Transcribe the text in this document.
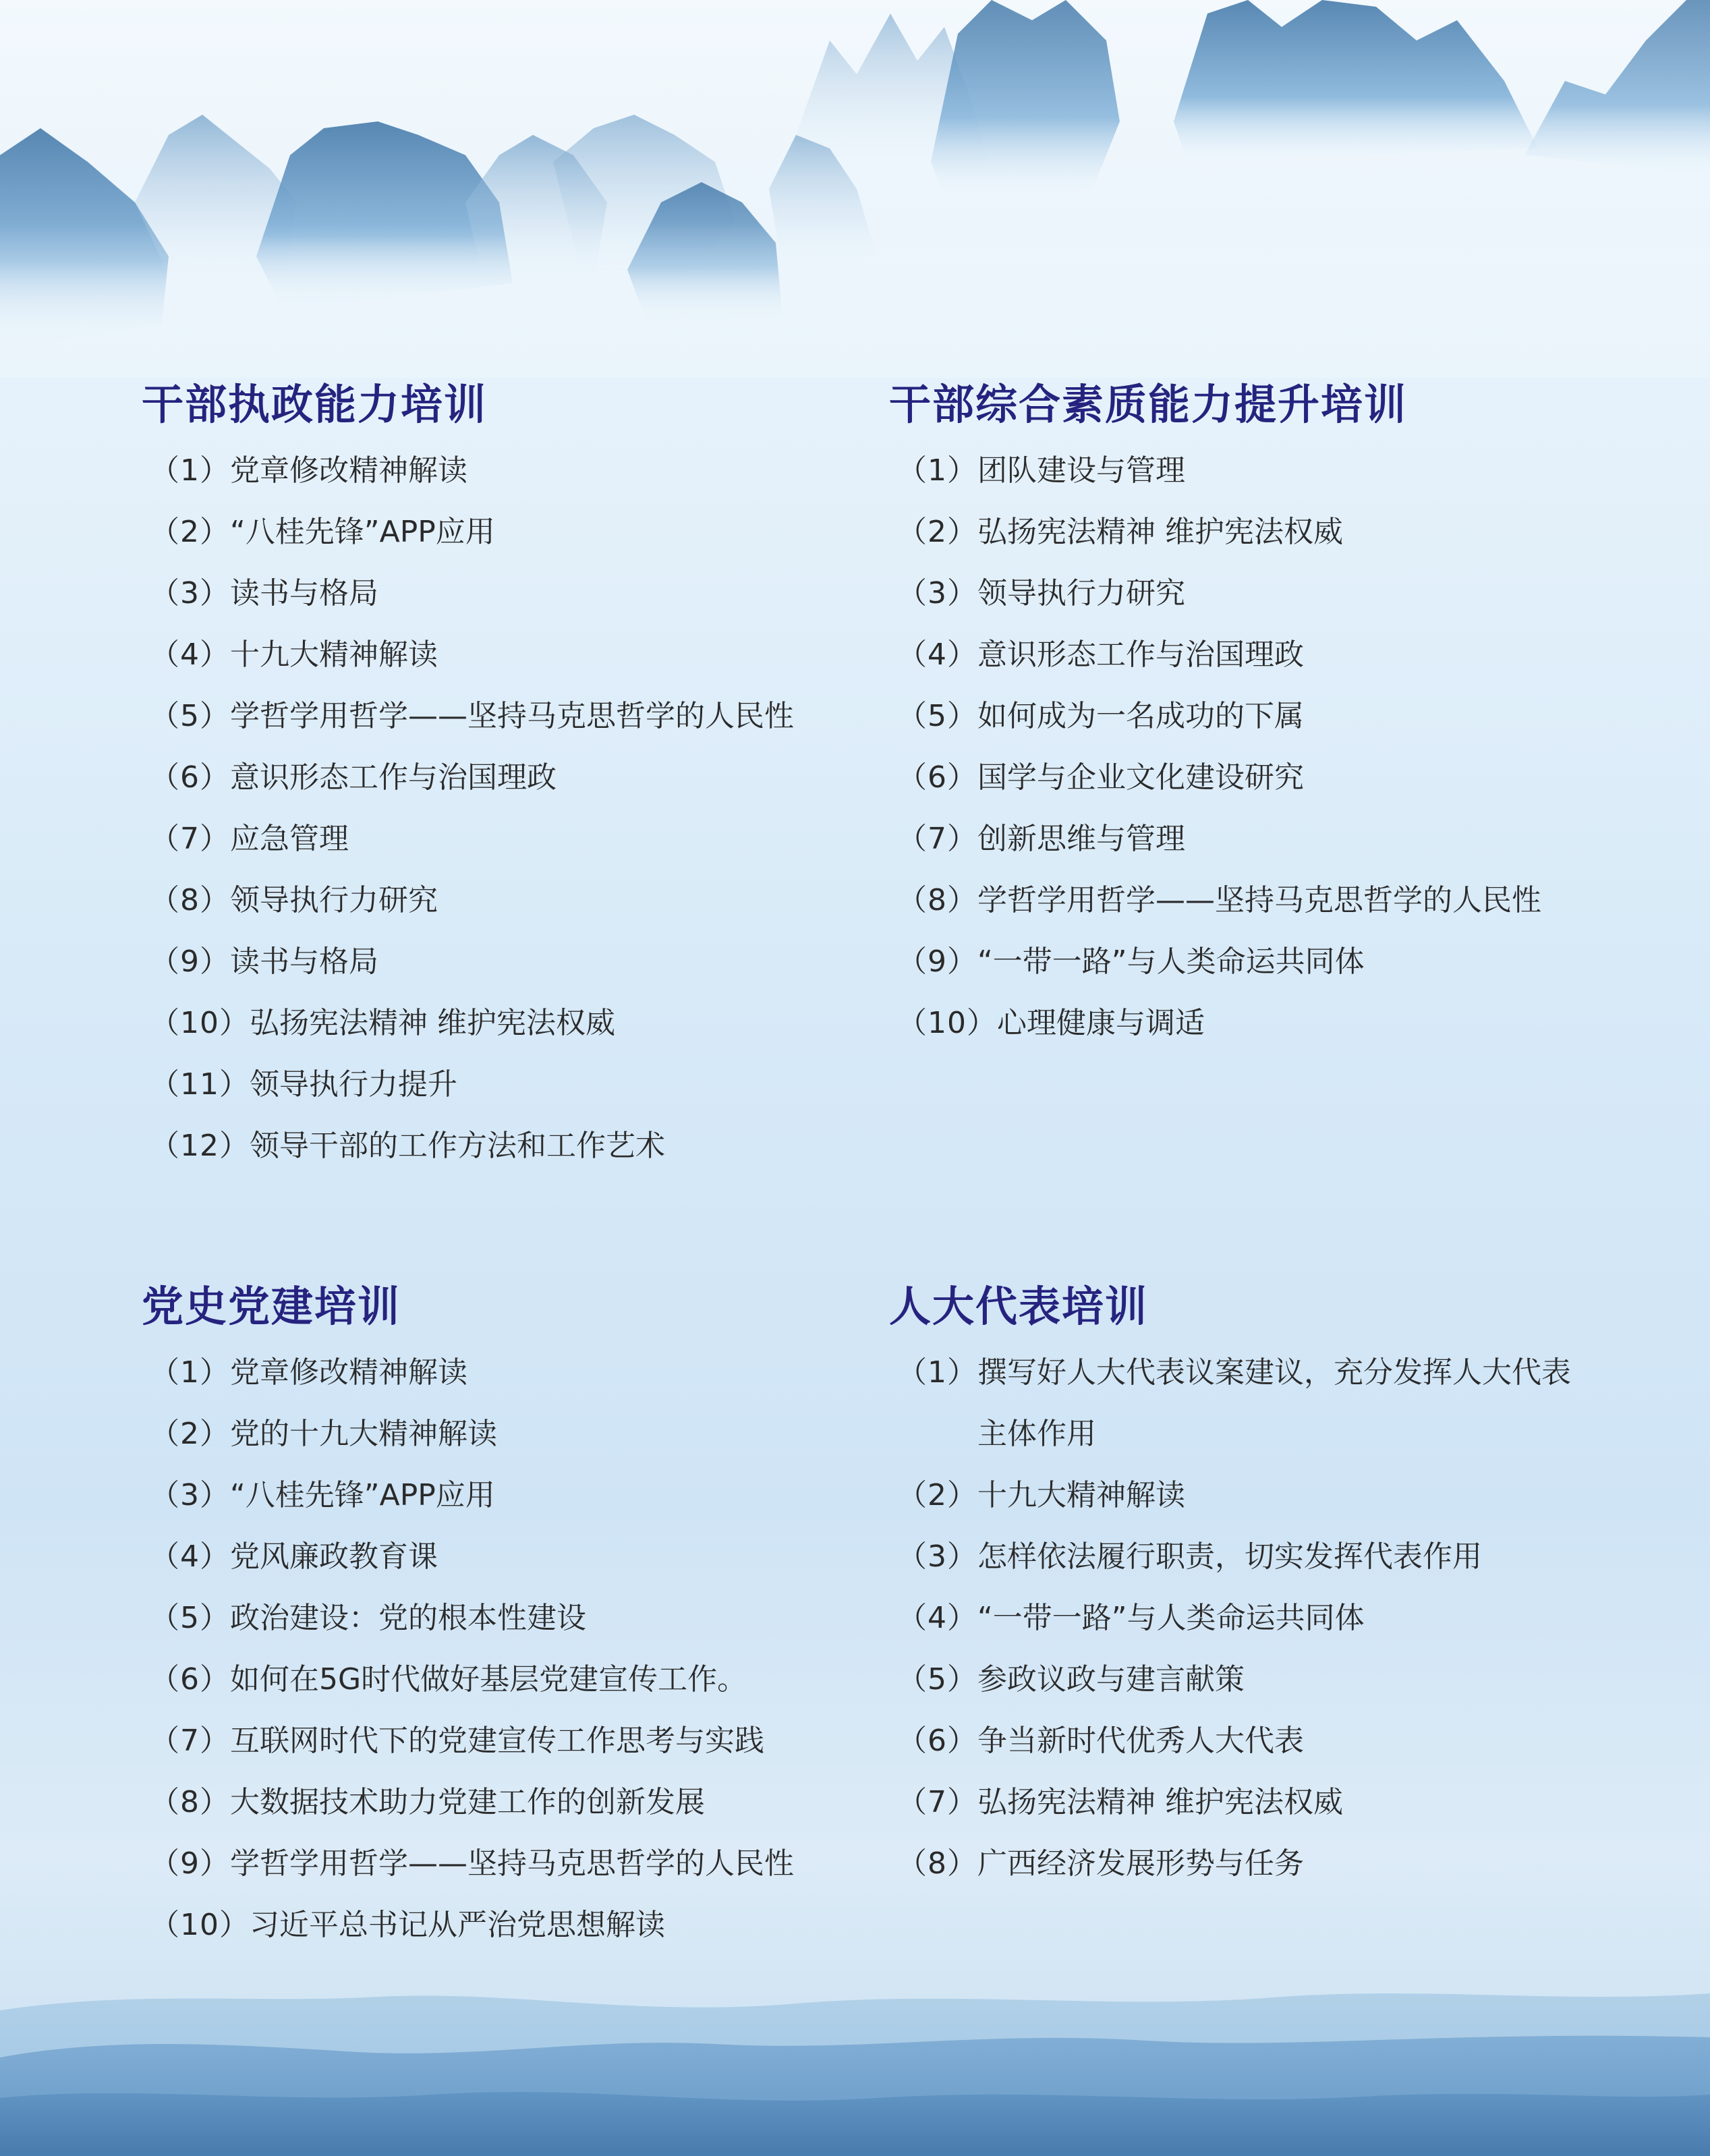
干部执政能力培训
（1） 党章修改精神解读
（2） “八桂先锋”APP应用
（3） 读书与格局
（4） 十九大精神解读
（5） 学哲学用哲学——坚持马克思哲学的人民性
（6） 意识形态工作与治国理政
（7） 应急管理
（8） 领导执行力研究
（9） 读书与格局
（10） 弘扬宪法精神 维护宪法权威
（11） 领导执行力提升
（12） 领导干部的工作方法和工作艺术
干部综合素质能力提升培训
（1） 团队建设与管理
（2） 弘扬宪法精神 维护宪法权威
（3） 领导执行力研究
（4） 意识形态工作与治国理政
（5） 如何成为一名成功的下属
（6） 国学与企业文化建设研究
（7） 创新思维与管理
（8） 学哲学用哲学——坚持马克思哲学的人民性
（9） “一带一路”与人类命运共同体
（10） 心理健康与调适
党史党建培训
（1） 党章修改精神解读
（2） 党的十九大精神解读
（3） “八桂先锋”APP应用
（4） 党风廉政教育课
（5） 政治建设：党的根本性建设
（6） 如何在5G时代做好基层党建宣传工作。
（7） 互联网时代下的党建宣传工作思考与实践
（8） 大数据技术助力党建工作的创新发展
（9） 学哲学用哲学——坚持马克思哲学的人民性
（10） 习近平总书记从严治党思想解读
人大代表培训
（1） 撰写好人大代表议案建议，充分发挥人大代表主体作用
（2） 十九大精神解读
（3） 怎样依法履行职责，切实发挥代表作用
（4） “一带一路”与人类命运共同体
（5） 参政议政与建言献策
（6） 争当新时代优秀人大代表
（7） 弘扬宪法精神 维护宪法权威
（8） 广西经济发展形势与任务
